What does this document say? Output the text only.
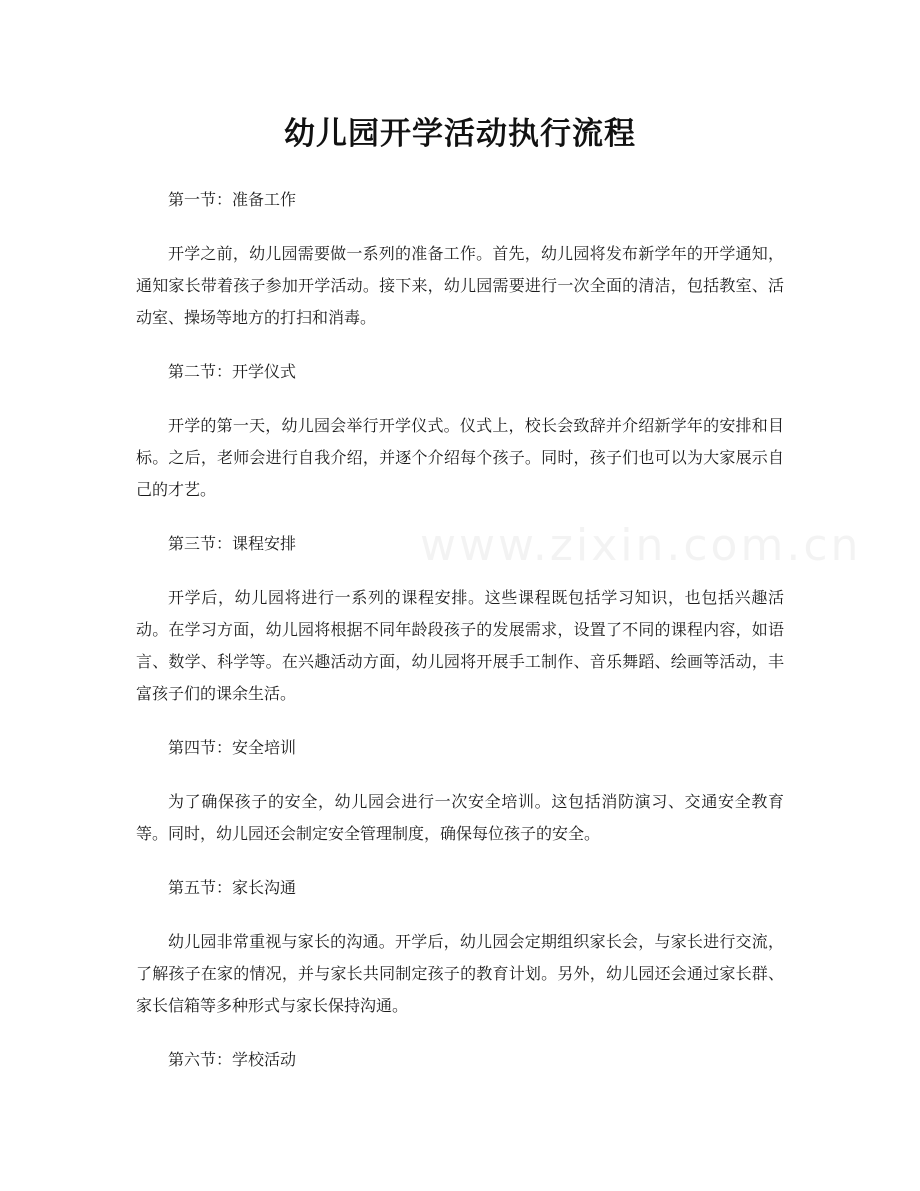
www.zixin.com.cn
幼儿园开学活动执行流程

第一节：准备工作

开学之前，幼儿园需要做一系列的准备工作。首先，幼儿园将发布新学年的开学通知，通知家长带着孩子参加开学活动。接下来，幼儿园需要进行一次全面的清洁，包括教室、活动室、操场等地方的打扫和消毒。

第二节：开学仪式

开学的第一天，幼儿园会举行开学仪式。仪式上，校长会致辞并介绍新学年的安排和目标。之后，老师会进行自我介绍，并逐个介绍每个孩子。同时，孩子们也可以为大家展示自己的才艺。

第三节：课程安排

开学后，幼儿园将进行一系列的课程安排。这些课程既包括学习知识，也包括兴趣活动。在学习方面，幼儿园将根据不同年龄段孩子的发展需求，设置了不同的课程内容，如语言、数学、科学等。在兴趣活动方面，幼儿园将开展手工制作、音乐舞蹈、绘画等活动，丰富孩子们的课余生活。

第四节：安全培训

为了确保孩子的安全，幼儿园会进行一次安全培训。这包括消防演习、交通安全教育等。同时，幼儿园还会制定安全管理制度，确保每位孩子的安全。

第五节：家长沟通

幼儿园非常重视与家长的沟通。开学后，幼儿园会定期组织家长会，与家长进行交流，了解孩子在家的情况，并与家长共同制定孩子的教育计划。另外，幼儿园还会通过家长群、家长信箱等多种形式与家长保持沟通。

第六节：学校活动
